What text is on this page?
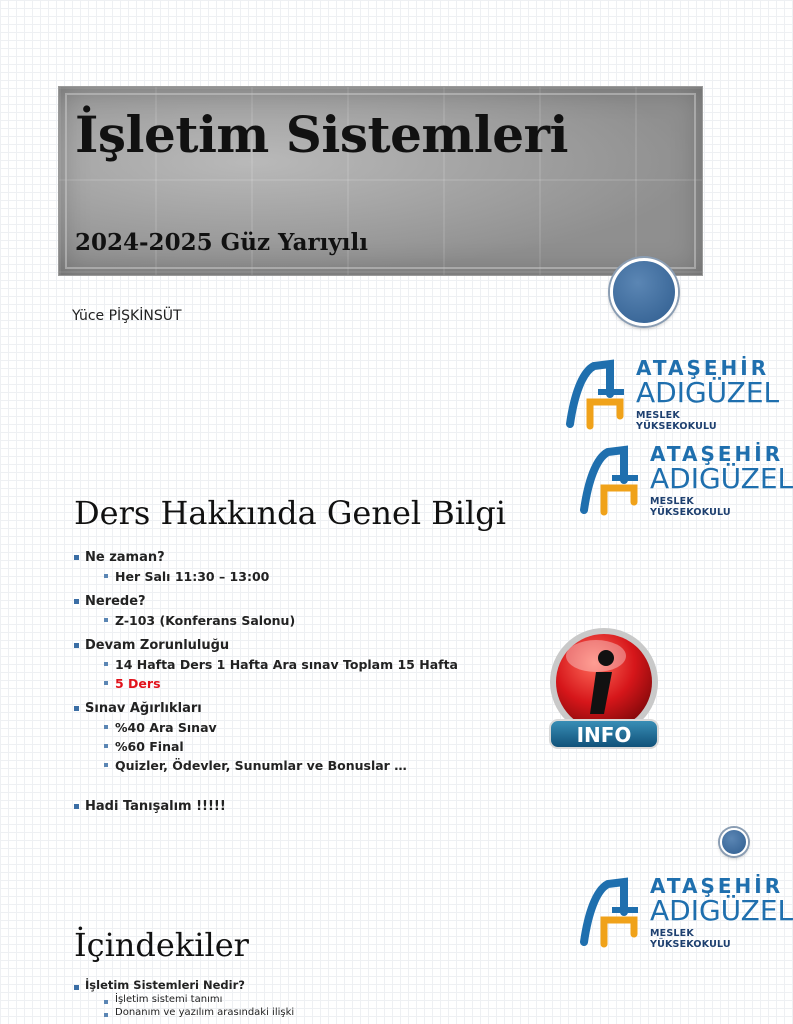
İşletim Sistemleri
2024-2025 Güz Yarıyılı
Yüce PİŞKİNSÜT
ATAŞEHİR
ADIGÜZEL
MESLEK YÜKSEKOKULU
ATAŞEHİR
ADIGÜZEL
MESLEK YÜKSEKOKULU
Ders Hakkında Genel Bilgi
Ne zaman?
Her Salı 11:30 – 13:00
Nerede?
Z-103 (Konferans Salonu)
Devam Zorunluluğu
14 Hafta Ders 1 Hafta Ara sınav Toplam 15 Hafta
5 Ders
Sınav Ağırlıkları
%40 Ara Sınav
%60 Final
Quizler, Ödevler, Sunumlar ve Bonuslar …
Hadi Tanışalım !!!!!
INFO
ATAŞEHİR
ADIGÜZEL
MESLEK YÜKSEKOKULU
İçindekiler
İşletim Sistemleri Nedir?
İşletim sistemi tanımı
Donanım ve yazılım arasındaki ilişki
